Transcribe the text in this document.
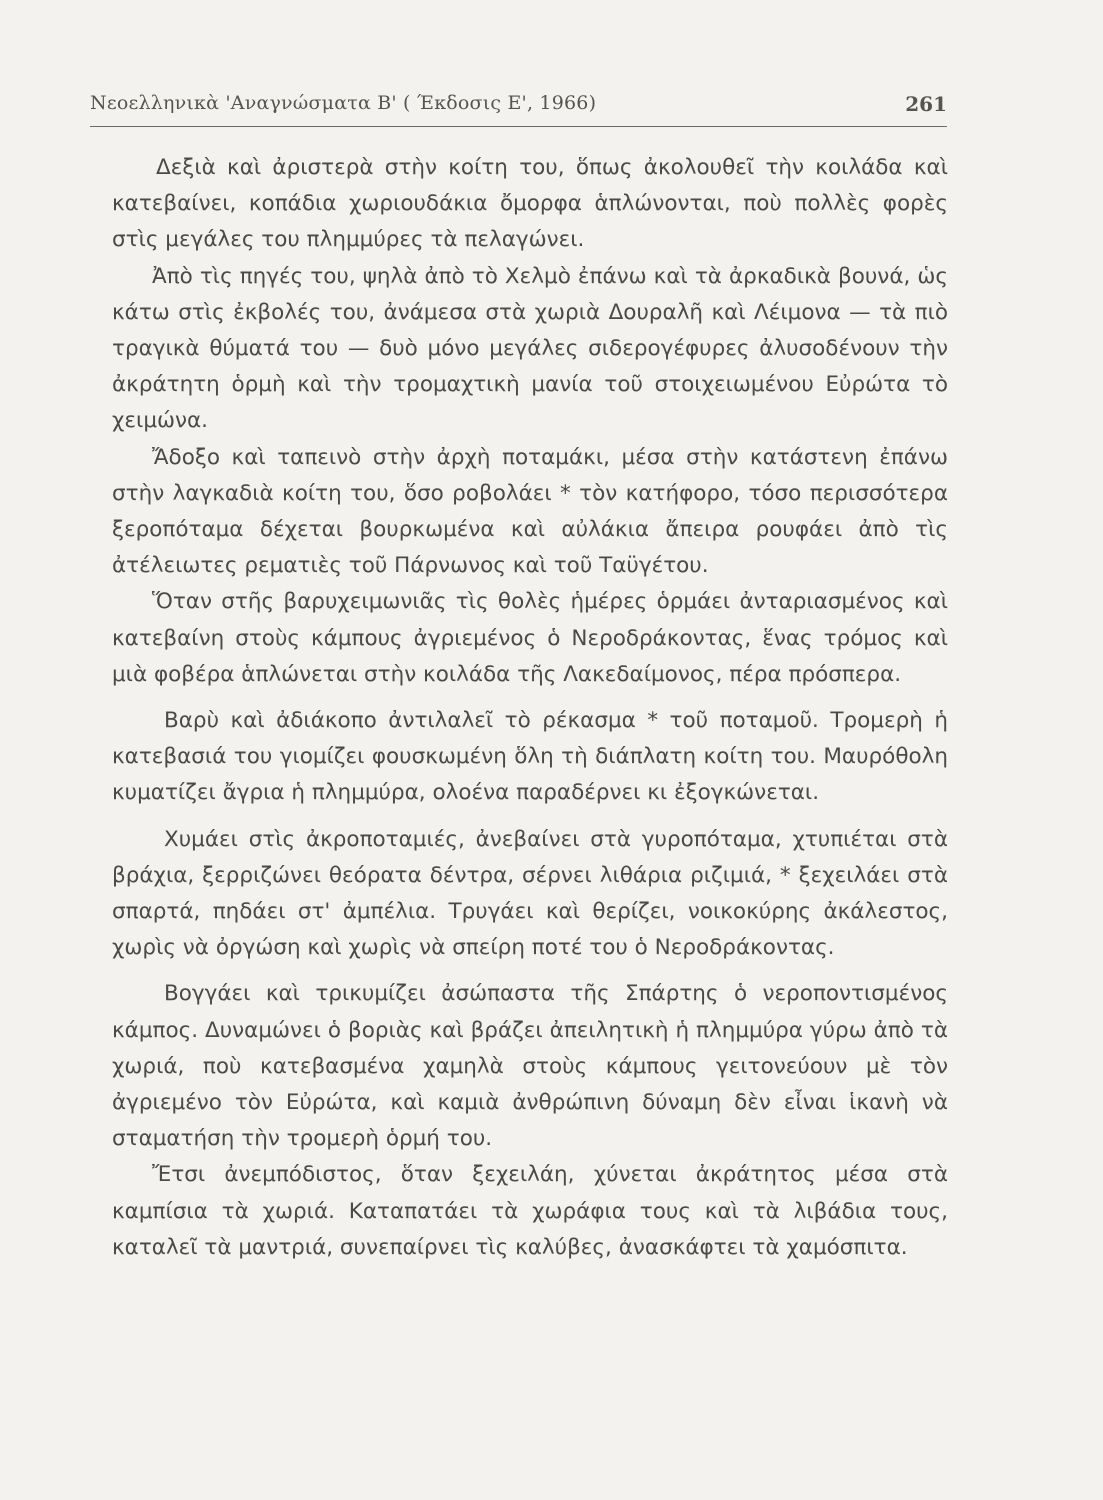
Νεοελληνικὰ 'Αναγνώσματα Β' ( Έκδοσις Ε', 1966)	261

Δεξιὰ καὶ ἀριστερὰ στὴν κοίτη του, ὅπως ἀκολουθεῖ τὴν κοιλάδα καὶ κατεβαίνει, κοπάδια χωριουδάκια ὄμορφα ἁπλώνονται, ποὺ πολλὲς φορὲς στὶς μεγάλες του πλημμύρες τὰ πελαγώνει.

Ἀπὸ τὶς πηγές του, ψηλὰ ἀπὸ τὸ Χελμὸ ἐπάνω καὶ τὰ ἀρκαδικὰ βουνά, ὡς κάτω στὶς ἐκβολές του, ἀνάμεσα στὰ χωριὰ Δουραλῆ καὶ Λέιμονα — τὰ πιὸ τραγικὰ θύματά του — δυὸ μόνο μεγάλες σιδερογέφυρες ἀλυσοδένουν τὴν ἀκράτητη ὁρμὴ καὶ τὴν τρομαχτικὴ μανία τοῦ στοιχειωμένου Εὐρώτα τὸ χειμώνα.

Ἄδοξο καὶ ταπεινὸ στὴν ἀρχὴ ποταμάκι, μέσα στὴν κατάστενη ἐπάνω στὴν λαγκαδιὰ κοίτη του, ὅσο ροβολάει * τὸν κατήφορο, τόσο περισσότερα ξεροπόταμα δέχεται βουρκωμένα καὶ αὐλάκια ἄπειρα ρουφάει ἀπὸ τὶς ἀτέλειωτες ρεματιὲς τοῦ Πάρνωνος καὶ τοῦ Ταϋγέτου.

Ὅταν στῆς βαρυχειμωνιᾶς τὶς θολὲς ἡμέρες ὁρμάει ἀνταριασμένος καὶ κατεβαίνη στοὺς κάμπους ἀγριεμένος ὁ Νεροδράκοντας, ἕνας τρόμος καὶ μιὰ φοβέρα ἁπλώνεται στὴν κοιλάδα τῆς Λακεδαίμονος, πέρα πρόσπερα.

Βαρὺ καὶ ἀδιάκοπο ἀντιλαλεῖ τὸ ρέκασμα * τοῦ ποταμοῦ. Τρομερὴ ἡ κατεβασιά του γιομίζει φουσκωμένη ὅλη τὴ διάπλατη κοίτη του. Μαυρόθολη κυματίζει ἄγρια ἡ πλημμύρα, ολοένα παραδέρνει κι ἐξογκώνεται.

Χυμάει στὶς ἀκροποταμιές, ἀνεβαίνει στὰ γυροπόταμα, χτυπιέται στὰ βράχια, ξερριζώνει θεόρατα δέντρα, σέρνει λιθάρια ριζιμιά, * ξεχειλάει στὰ σπαρτά, πηδάει στ' ἀμπέλια. Τρυγάει καὶ θερίζει, νοικοκύρης ἀκάλεστος, χωρὶς νὰ ὀργώση καὶ χωρὶς νὰ σπείρη ποτέ του ὁ Νεροδράκοντας.

Βογγάει καὶ τρικυμίζει ἀσώπαστα τῆς Σπάρτης ὁ νεροποντισμένος κάμπος. Δυναμώνει ὁ βοριὰς καὶ βράζει ἀπειλητικὴ ἡ πλημμύρα γύρω ἀπὸ τὰ χωριά, ποὺ κατεβασμένα χαμηλὰ στοὺς κάμπους γειτονεύουν μὲ τὸν ἀγριεμένο τὸν Εὐρώτα, καὶ καμιὰ ἀνθρώπινη δύναμη δὲν εἶναι ἱκανὴ νὰ σταματήση τὴν τρομερὴ ὁρμή του.

Ἔτσι ἀνεμπόδιστος, ὅταν ξεχειλάη, χύνεται ἀκράτητος μέσα στὰ καμπίσια τὰ χωριά. Καταπατάει τὰ χωράφια τους καὶ τὰ λιβάδια τους, καταλεῖ τὰ μαντριά, συνεπαίρνει τὶς καλύβες, ἀνασκάφτει τὰ χαμόσπιτα.
